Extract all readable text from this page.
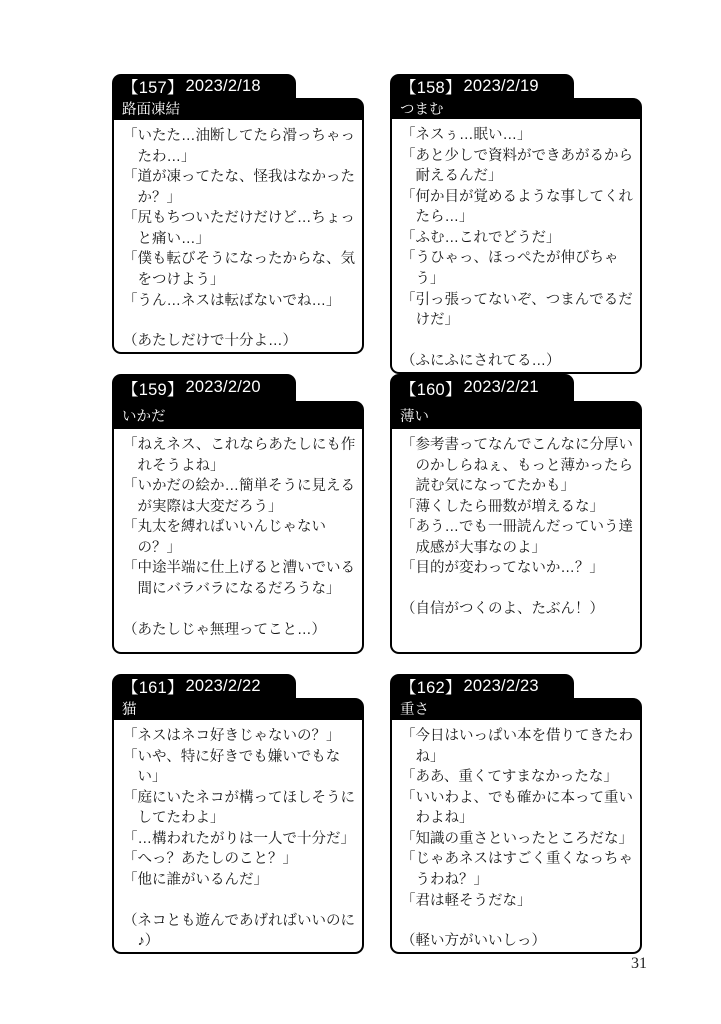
【157】 2023/2/18
路面凍結

「いたた…油断してたら滑っちゃったわ…」

「道が凍ってたな、怪我はなかったか？」

「尻もちついただけだけど…ちょっと痛い…」

「僕も転びそうになったからな、気をつけよう」

「うん…ネスは転ばないでね…」

（あたしだけで十分よ…）

【158】 2023/2/19
つまむ

「ネスぅ…眠い…」

「あと少しで資料ができあがるから耐えるんだ」

「何か目が覚めるような事してくれたら…」

「ふむ…これでどうだ」

「うひゃっ、ほっぺたが伸びちゃう」

「引っ張ってないぞ、つまんでるだけだ」

（ふにふにされてる…）

【159】 2023/2/20
いかだ

「ねえネス、これならあたしにも作れそうよね」

「いかだの絵か…簡単そうに見えるが実際は大変だろう」

「丸太を縛ればいいんじゃないの？」

「中途半端に仕上げると漕いでいる間にバラバラになるだろうな」

（あたしじゃ無理ってこと…）

【160】 2023/2/21
薄い

「参考書ってなんでこんなに分厚いのかしらねぇ、もっと薄かったら読む気になってたかも」

「薄くしたら冊数が増えるな」

「あう…でも一冊読んだっていう達成感が大事なのよ」

「目的が変わってないか…？」

（自信がつくのよ、たぶん！）

【161】 2023/2/22
猫

「ネスはネコ好きじゃないの？」

「いや、特に好きでも嫌いでもない」

「庭にいたネコが構ってほしそうにしてたわよ」

「…構われたがりは一人で十分だ」

「へっ？あたしのこと？」

「他に誰がいるんだ」

（ネコとも遊んであげればいいのに♪）

【162】 2023/2/23
重さ

「今日はいっぱい本を借りてきたわね」

「ああ、重くてすまなかったな」

「いいわよ、でも確かに本って重いわよね」

「知識の重さといったところだな」

「じゃあネスはすごく重くなっちゃうわね？」

「君は軽そうだな」

（軽い方がいいしっ）

31
